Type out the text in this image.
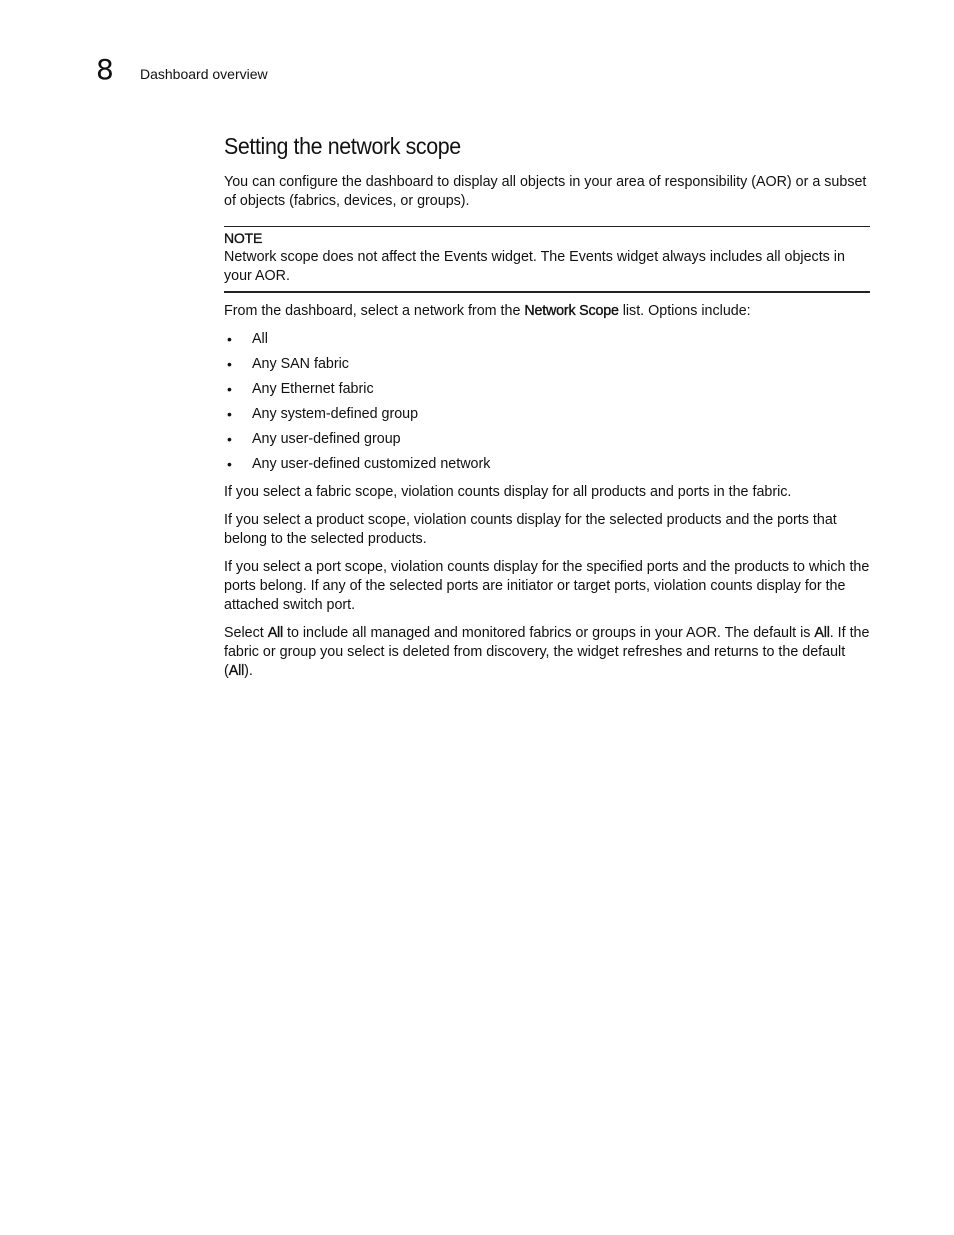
8 Dashboard overview
Setting the network scope

You can configure the dashboard to display all objects in your area of responsibility (AOR) or a subset of objects (fabrics, devices, or groups).

NOTE
Network scope does not affect the Events widget. The Events widget always includes all objects in your AOR.

From the dashboard, select a network from the Network Scope list. Options include:

• All
• Any SAN fabric
• Any Ethernet fabric
• Any system-defined group
• Any user-defined group
• Any user-defined customized network

If you select a fabric scope, violation counts display for all products and ports in the fabric.

If you select a product scope, violation counts display for the selected products and the ports that belong to the selected products.

If you select a port scope, violation counts display for the specified ports and the products to which the ports belong. If any of the selected ports are initiator or target ports, violation counts display for the attached switch port.

Select All to include all managed and monitored fabrics or groups in your AOR. The default is All. If the fabric or group you select is deleted from discovery, the widget refreshes and returns to the default (All).
